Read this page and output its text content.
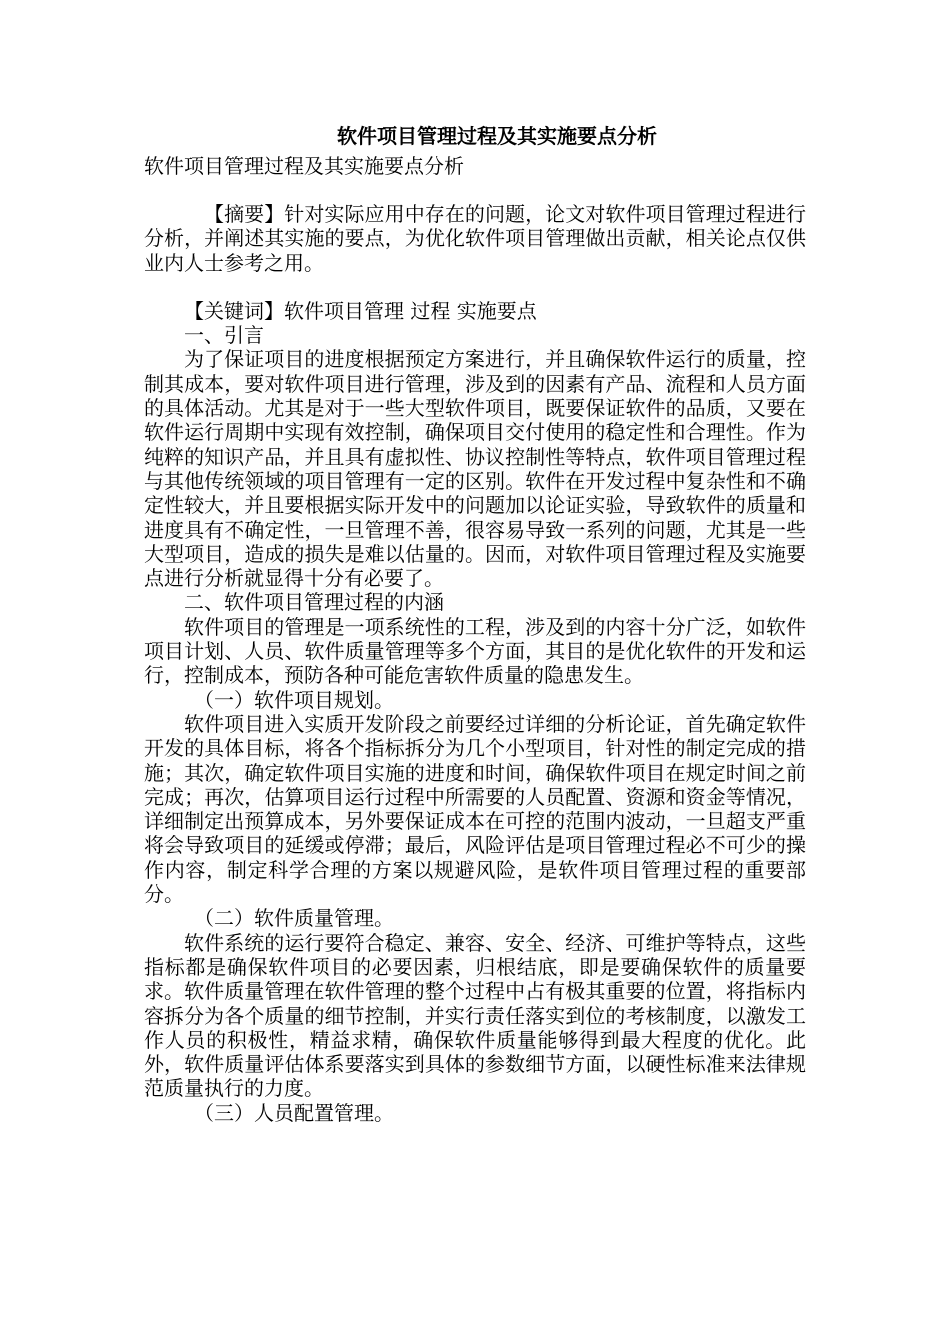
软件项目管理过程及其实施要点分析
软件项目管理过程及其实施要点分析

【摘要】针对实际应用中存在的问题，论文对软件项目管理过程进行分析，并阐述其实施的要点，为优化软件项目管理做出贡献，相关论点仅供业内人士参考之用。

【关键词】软件项目管理 过程 实施要点

一、引言

为了保证项目的进度根据预定方案进行，并且确保软件运行的质量，控制其成本，要对软件项目进行管理，涉及到的因素有产品、流程和人员方面的具体活动。尤其是对于一些大型软件项目，既要保证软件的品质，又要在软件运行周期中实现有效控制，确保项目交付使用的稳定性和合理性。作为纯粹的知识产品，并且具有虚拟性、协议控制性等特点，软件项目管理过程与其他传统领域的项目管理有一定的区别。软件在开发过程中复杂性和不确定性较大，并且要根据实际开发中的问题加以论证实验，导致软件的质量和进度具有不确定性，一旦管理不善，很容易导致一系列的问题，尤其是一些大型项目，造成的损失是难以估量的。因而，对软件项目管理过程及实施要点进行分析就显得十分有必要了。

二、软件项目管理过程的内涵

软件项目的管理是一项系统性的工程，涉及到的内容十分广泛，如软件项目计划、人员、软件质量管理等多个方面，其目的是优化软件的开发和运行，控制成本，预防各种可能危害软件质量的隐患发生。

（一）软件项目规划。

软件项目进入实质开发阶段之前要经过详细的分析论证，首先确定软件开发的具体目标，将各个指标拆分为几个小型项目，针对性的制定完成的措施；其次，确定软件项目实施的进度和时间，确保软件项目在规定时间之前完成；再次，估算项目运行过程中所需要的人员配置、资源和资金等情况，详细制定出预算成本，另外要保证成本在可控的范围内波动，一旦超支严重将会导致项目的延缓或停滞；最后，风险评估是项目管理过程必不可少的操作内容，制定科学合理的方案以规避风险，是软件项目管理过程的重要部分。

（二）软件质量管理。

软件系统的运行要符合稳定、兼容、安全、经济、可维护等特点，这些指标都是确保软件项目的必要因素，归根结底，即是要确保软件的质量要求。软件质量管理在软件管理的整个过程中占有极其重要的位置，将指标内容拆分为各个质量的细节控制，并实行责任落实到位的考核制度，以激发工作人员的积极性，精益求精，确保软件质量能够得到最大程度的优化。此外，软件质量评估体系要落实到具体的参数细节方面，以硬性标准来法律规范质量执行的力度。

（三）人员配置管理。
